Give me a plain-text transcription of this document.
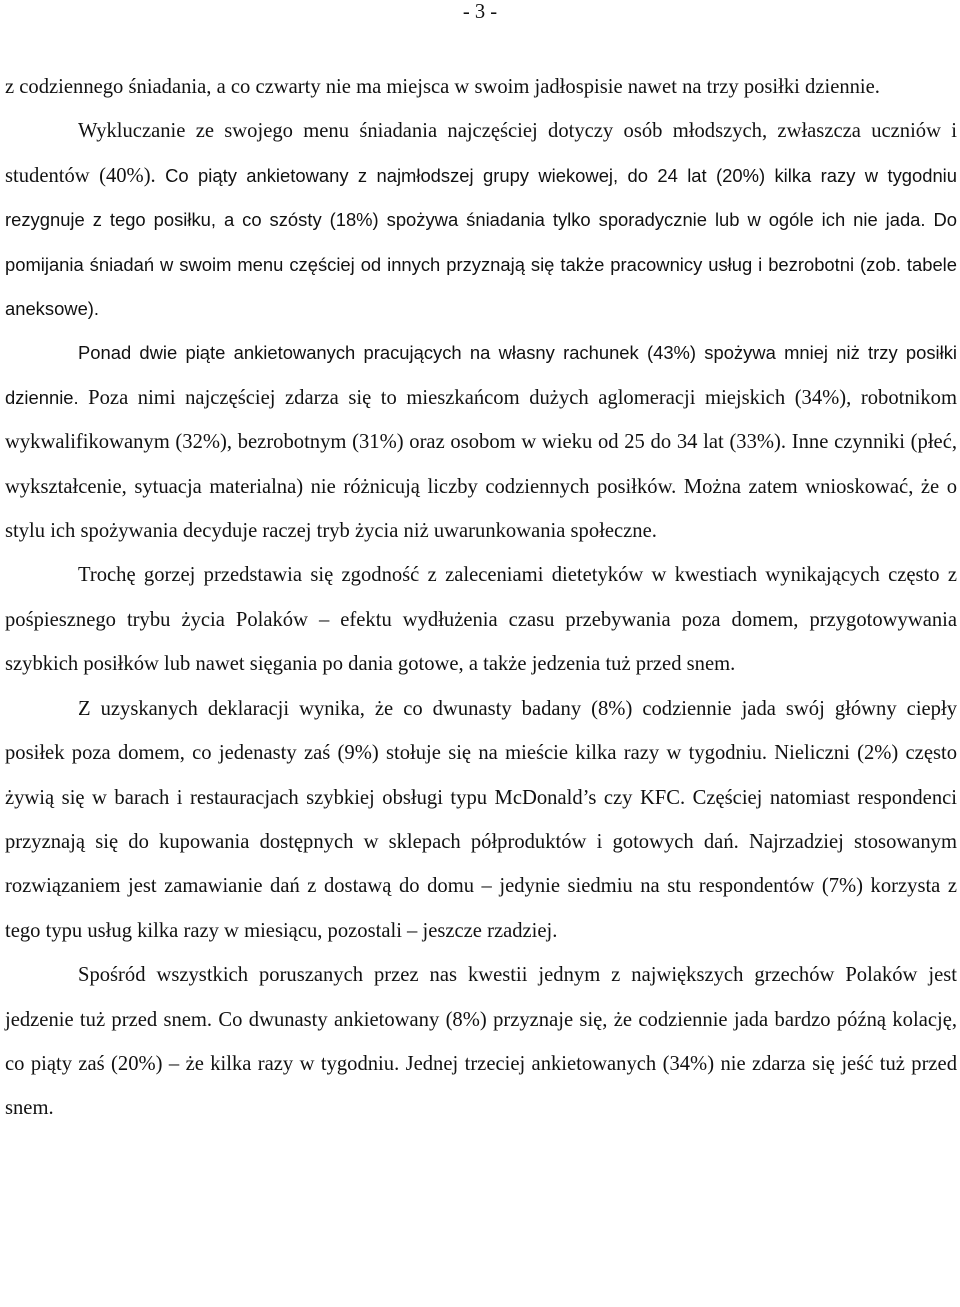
- 3 -

z codziennego śniadania, a co czwarty nie ma miejsca w swoim jadłospisie nawet na trzy posiłki dziennie.

Wykluczanie ze swojego menu śniadania najczęściej dotyczy osób młodszych, zwłaszcza uczniów i studentów (40%). Co piąty ankietowany z najmłodszej grupy wiekowej, do 24 lat (20%) kilka razy w tygodniu rezygnuje z tego posiłku, a co szósty (18%) spożywa śniadania tylko sporadycznie lub w ogóle ich nie jada. Do pomijania śniadań w swoim menu częściej od innych przyznają się także pracownicy usług i bezrobotni (zob. tabele aneksowe).

Ponad dwie piąte ankietowanych pracujących na własny rachunek (43%) spożywa mniej niż trzy posiłki dziennie. Poza nimi najczęściej zdarza się to mieszkańcom dużych aglomeracji miejskich (34%), robotnikom wykwalifikowanym (32%), bezrobotnym (31%) oraz osobom w wieku od 25 do 34 lat (33%). Inne czynniki (płeć, wykształcenie, sytuacja materialna) nie różnicują liczby codziennych posiłków. Można zatem wnioskować, że o stylu ich spożywania decyduje raczej tryb życia niż uwarunkowania społeczne.

Trochę gorzej przedstawia się zgodność z zaleceniami dietetyków w kwestiach wynikających często z pośpiesznego trybu życia Polaków – efektu wydłużenia czasu przebywania poza domem, przygotowywania szybkich posiłków lub nawet sięgania po dania gotowe, a także jedzenia tuż przed snem.

Z uzyskanych deklaracji wynika, że co dwunasty badany (8%) codziennie jada swój główny ciepły posiłek poza domem, co jedenasty zaś (9%) stołuje się na mieście kilka razy w tygodniu. Nieliczni (2%) często żywią się w barach i restauracjach szybkiej obsługi typu McDonald’s czy KFC. Częściej natomiast respondenci przyznają się do kupowania dostępnych w sklepach półproduktów i gotowych dań. Najrzadziej stosowanym rozwiązaniem jest zamawianie dań z dostawą do domu – jedynie siedmiu na stu respondentów (7%) korzysta z tego typu usług kilka razy w miesiącu, pozostali – jeszcze rzadziej.

Spośród wszystkich poruszanych przez nas kwestii jednym z największych grzechów Polaków jest jedzenie tuż przed snem. Co dwunasty ankietowany (8%) przyznaje się, że codziennie jada bardzo późną kolację, co piąty zaś (20%) – że kilka razy w tygodniu. Jednej trzeciej ankietowanych (34%) nie zdarza się jeść tuż przed snem.
